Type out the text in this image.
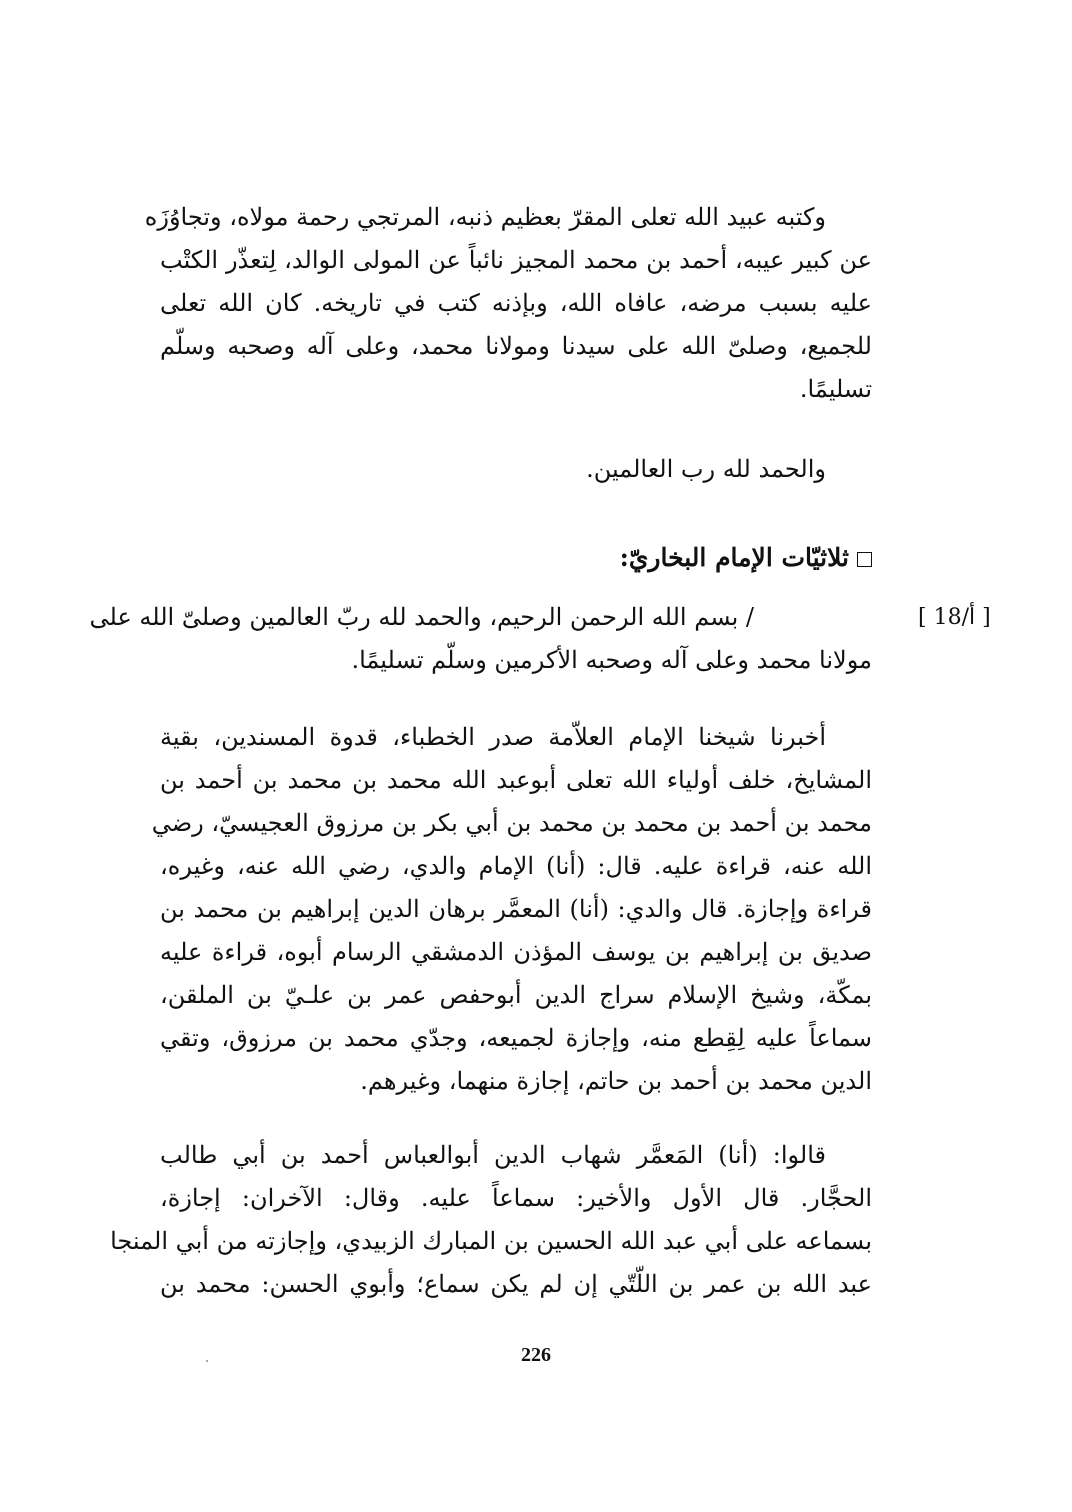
وكتبه عبيد الله تعلى المقرّ بعظيم ذنبه، المرتجي رحمة مولاه، وتجاوُزَه
عن كبير عيبه، أحمد بن محمد المجيز نائباً عن المولى الوالد، لِتعذّر الكتْب
عليه بسبب مرضه، عافاه الله، وبإذنه كتب في تاريخه. كان الله تعلى
للجميع، وصلىّ الله على سيدنا ومولانا محمد، وعلى آله وصحبه وسلّم
تسليمًا.
والحمد لله رب العالمين.
ثلاثيّات الإمام البخاريّ:
/ بسم الله الرحمن الرحيم، والحمد لله ربّ العالمين وصلىّ الله على
مولانا محمد وعلى آله وصحبه الأكرمين وسلّم تسليمًا.
[ 18/أ ]
أخبرنا شيخنا الإمام العلاّمة صدر الخطباء، قدوة المسندين، بقية
المشايخ، خلف أولياء الله تعلى أبوعبد الله محمد بن محمد بن أحمد بن
محمد بن أحمد بن محمد بن محمد بن أبي بكر بن مرزوق العجيسيّ، رضي
الله عنه، قراءة عليه. قال: (أنا) الإمام والدي، رضي الله عنه، وغيره،
قراءة وإجازة. قال والدي: (أنا) المعمَّر برهان الدين إبراهيم بن محمد بن
صديق بن إبراهيم بن يوسف المؤذن الدمشقي الرسام أبوه، قراءة عليه
بمكّة، وشيخ الإسلام سراج الدين أبوحفص عمر بن علـيّ بن الملقن،
سماعاً عليه لِقِطع منه، وإجازة لجميعه، وجدّي محمد بن مرزوق، وتقي
الدين محمد بن أحمد بن حاتم، إجازة منهما، وغيرهم.
قالوا: (أنا) المَعمَّر شهاب الدين أبوالعباس أحمد بن أبي طالب
الحجَّار. قال الأول والأخير: سماعاً عليه. وقال: الآخران: إجازة،
بسماعه على أبي عبد الله الحسين بن المبارك الزبيدي، وإجازته من أبي المنجا
عبد الله بن عمر بن اللّتّي إن لم يكن سماع؛ وأبوي الحسن: محمد بن
226
